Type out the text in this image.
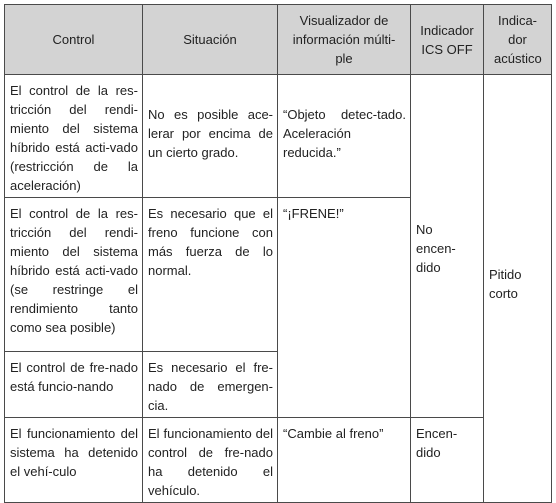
Control	Situación	Visualizador de información múlti-ple	Indicador ICS OFF	Indica-dor acústico

El control de la res-tricción del rendi-miento del sistema híbrido está acti-vado (restricción de la aceleración)	No es posible ace-lerar por encima de un cierto grado.	“Objeto detec-tado. Aceleración reducida.”	No encen-dido	Pitido corto

El control de la res-tricción del rendi-miento del sistema híbrido está acti-vado (se restringe el rendimiento tanto como sea posible)	Es necesario que el freno funcione con más fuerza de lo normal.	“¡FRENE!”		

El control de fre-nado está funcio-nando	Es necesario el fre-nado de emergen-cia.			

El funcionamiento del sistema ha detenido el vehí-culo	El funcionamiento del control de fre-nado ha detenido el vehículo.	“Cambie al freno”	Encen-dido	
